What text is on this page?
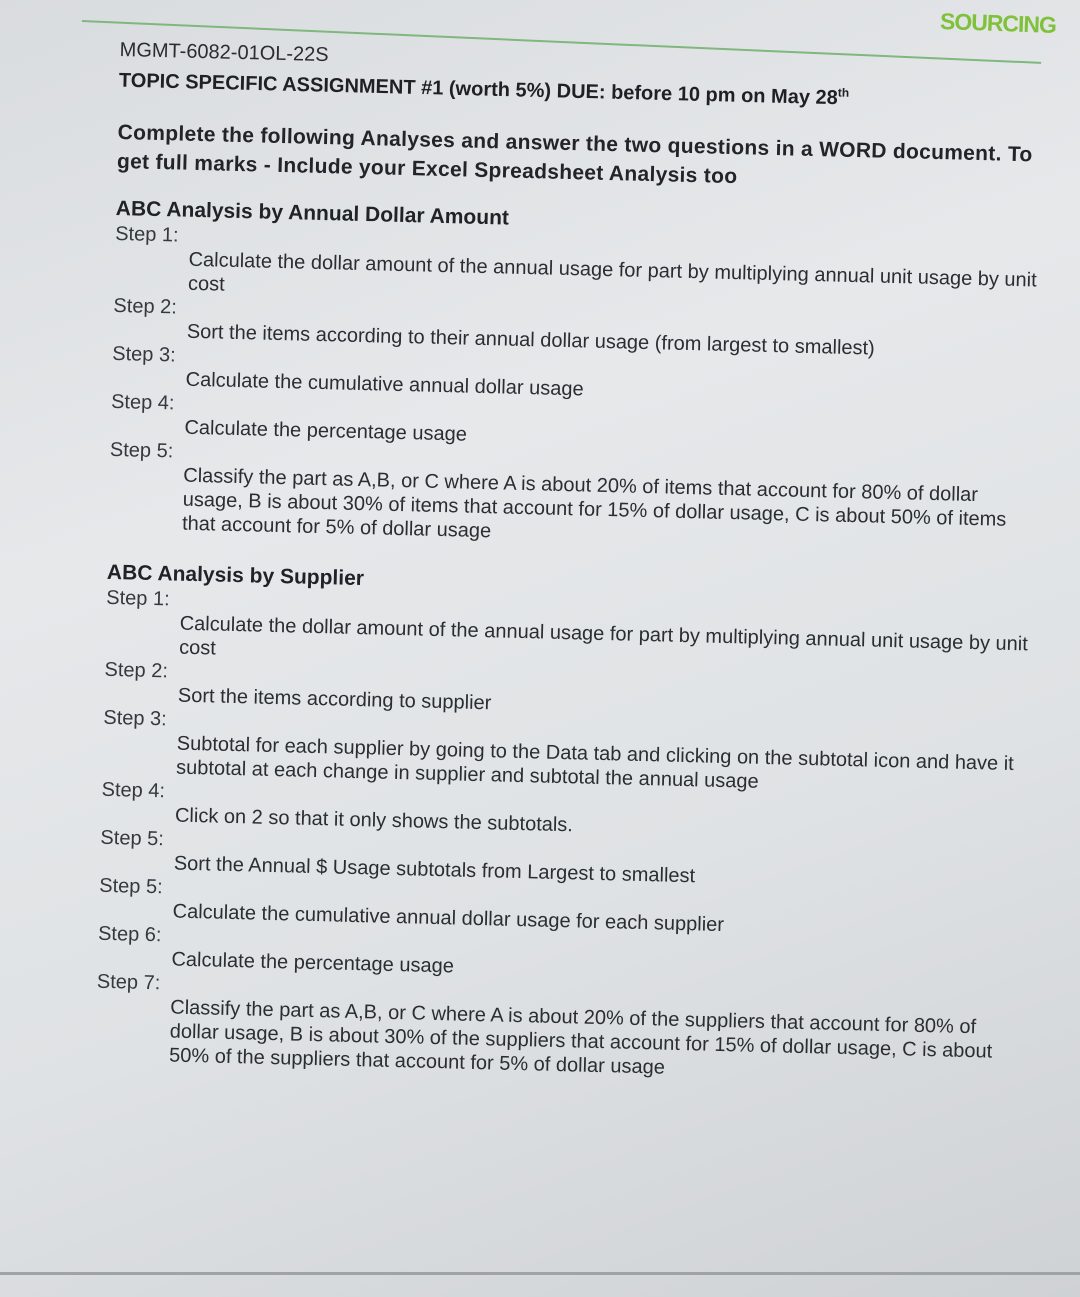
SOURCING

MGMT-6082-01OL-22S

TOPIC SPECIFIC ASSIGNMENT #1 (worth 5%) DUE: before 10 pm on May 28th

Complete the following Analyses and answer the two questions in a WORD document. To get full marks - Include your Excel Spreadsheet Analysis too

ABC Analysis by Annual Dollar Amount

Step 1:

Calculate the dollar amount of the annual usage for part by multiplying annual unit usage by unit cost

Step 2:

Sort the items according to their annual dollar usage (from largest to smallest)

Step 3:

Calculate the cumulative annual dollar usage

Step 4:

Calculate the percentage usage

Step 5:

Classify the part as A,B, or C where A is about 20% of items that account for 80% of dollar usage, B is about 30% of items that account for 15% of dollar usage, C is about 50% of items that account for 5% of dollar usage

ABC Analysis by Supplier

Step 1:

Calculate the dollar amount of the annual usage for part by multiplying annual unit usage by unit cost

Step 2:

Sort the items according to supplier

Step 3:

Subtotal for each supplier by going to the Data tab and clicking on the subtotal icon and have it subtotal at each change in supplier and subtotal the annual usage

Step 4:

Click on 2 so that it only shows the subtotals.

Step 5:

Sort the Annual $ Usage subtotals from Largest to smallest

Step 5:

Calculate the cumulative annual dollar usage for each supplier

Step 6:

Calculate the percentage usage

Step 7:

Classify the part as A,B, or C where A is about 20% of the suppliers that account for 80% of dollar usage, B is about 30% of the suppliers that account for 15% of dollar usage, C is about 50% of the suppliers that account for 5% of dollar usage
